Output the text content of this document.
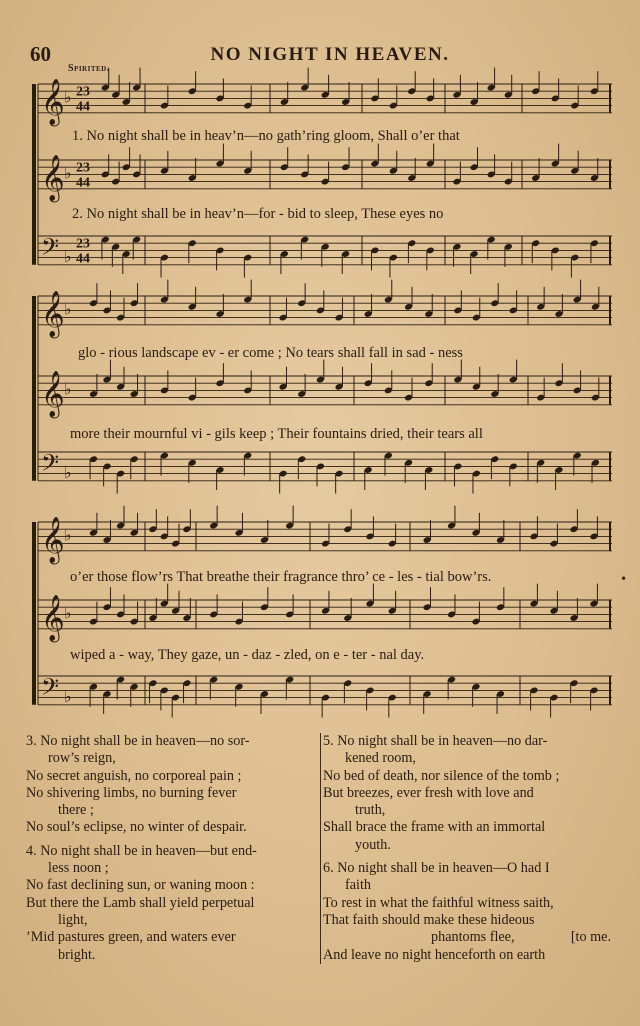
60	NO NIGHT IN HEAVEN.
Spirited.
𝄞 ♭ 23
44
𝄞 ♭ 23
44
𝄢 ♭
23
44
𝄞 ♭
𝄞 ♭
𝄢 ♭
𝄞 ♭
𝄞 ♭
𝄢 ♭
1. No night shall be in heav’n—no gath’ring gloom, Shall o’er that
2. No night shall be in heav’n—for - bid to sleep, These eyes no
glo - rious landscape ev - er come ; No tears shall fall in sad - ness
more their mournful vi - gils keep ; Their fountains dried, their tears all
o’er those flow’rs That breathe their fragrance thro’ ce - les - tial bow’rs.
wiped a - way, They gaze, un - daz - zled, on e - ter - nal day.
3. No night shall be in heaven—no sor-
row’s reign,
No secret anguish, no corporeal pain ;
No shivering limbs, no burning fever
there ;
No soul’s eclipse, no winter of despair.
4. No night shall be in heaven—but end-
less noon ;
No fast declining sun, or waning moon :
But there the Lamb shall yield perpetual
light,
’Mid pastures green, and waters ever
bright.
5. No night shall be in heaven—no dar-
kened room,
No bed of death, nor silence of the tomb ;
But breezes, ever fresh with love and
truth,
Shall brace the frame with an immortal
youth.
6. No night shall be in heaven—O had I
faith
To rest in what the faithful witness saith,
That faith should make these hideous
phantoms flee,	[to me.
And leave no night henceforth on earth
•
